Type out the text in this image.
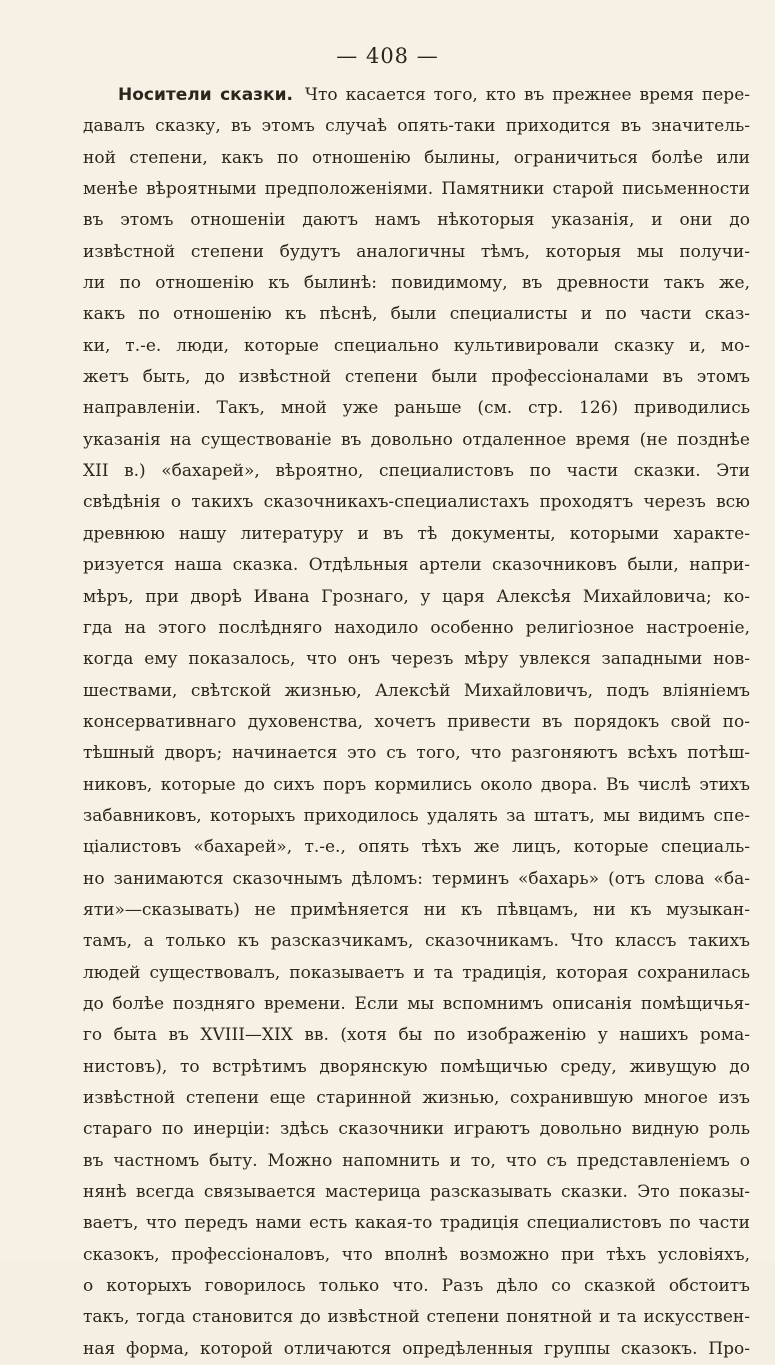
— 408 —
Носители сказки. Что касается того, кто въ прежнее время пере-
давалъ сказку, въ этомъ случаѣ опять-таки приходится въ значитель-
ной степени, какъ по отношенiю былины, ограничиться болѣе или
менѣе вѣроятными предположенiями. Памятники старой письменности
въ этомъ отношенiи даютъ намъ нѣкоторыя указанiя, и они до
извѣстной степени будутъ аналогичны тѣмъ, которыя мы получи-
ли по отношенiю къ былинѣ: повидимому, въ древности такъ же,
какъ по отношенiю къ пѣснѣ, были специалисты и по части сказ-
ки, т.-е. люди, которые специально культивировали сказку и, мо-
жетъ быть, до извѣстной степени были профессiоналами въ этомъ
направленiи. Такъ, мной уже раньше (см. стр. 126) приводились
указанiя на существованiе въ довольно отдаленное время (не позднѣе
XII в.) «бахарей», вѣроятно, специалистовъ по части сказки. Эти
свѣдѣнiя о такихъ сказочникахъ-специалистахъ проходятъ черезъ всю
древнюю нашу литературу и въ тѣ документы, которыми характе-
ризуется наша сказка. Отдѣльныя артели сказочниковъ были, напри-
мѣръ, при дворѣ Ивана Грознаго, у царя Алексѣя Михайловича; ко-
гда на этого послѣдняго находило особенно религiозное настроенiе,
когда ему показалось, что онъ черезъ мѣру увлекся западными нов-
шествами, свѣтской жизнью, Алексѣй Михайловичъ, подъ влiянiемъ
консервативнаго духовенства, хочетъ привести въ порядокъ свой по-
тѣшный дворъ; начинается это съ того, что разгоняютъ всѣхъ потѣш-
никовъ, которые до сихъ поръ кормились около двора. Въ числѣ этихъ
забавниковъ, которыхъ приходилось удалять за штатъ, мы видимъ спе-
цiалистовъ «бахарей», т.-е., опять тѣхъ же лицъ, которые специаль-
но занимаются сказочнымъ дѣломъ: терминъ «бахарь» (отъ слова «ба-
яти»—сказывать) не примѣняется ни къ пѣвцамъ, ни къ музыкан-
тамъ, а только къ разсказчикамъ, сказочникамъ. Что классъ такихъ
людей существовалъ, показываетъ и та традицiя, которая сохранилась
до болѣе поздняго времени. Если мы вспомнимъ описанiя помѣщичья-
го быта въ XVIII—XIX вв. (хотя бы по изображенiю у нашихъ рома-
нистовъ), то встрѣтимъ дворянскую помѣщичью среду, живущую до
извѣстной степени еще старинной жизнью, сохранившую многое изъ
стараго по инерцiи: здѣсь сказочники играютъ довольно видную роль
въ частномъ быту. Можно напомнить и то, что съ представленiемъ о
нянѣ всегда связывается мастерица разсказывать сказки. Это показы-
ваетъ, что передъ нами есть какая-то традицiя специалистовъ по части
сказокъ, профессiоналовъ, что вполнѣ возможно при тѣхъ условiяхъ,
о которыхъ говорилось только что. Разъ дѣло со сказкой обстоитъ
такъ, тогда становится до извѣстной степени понятной и та искусствен-
ная форма, которой отличаются опредѣленныя группы сказокъ. Про-
